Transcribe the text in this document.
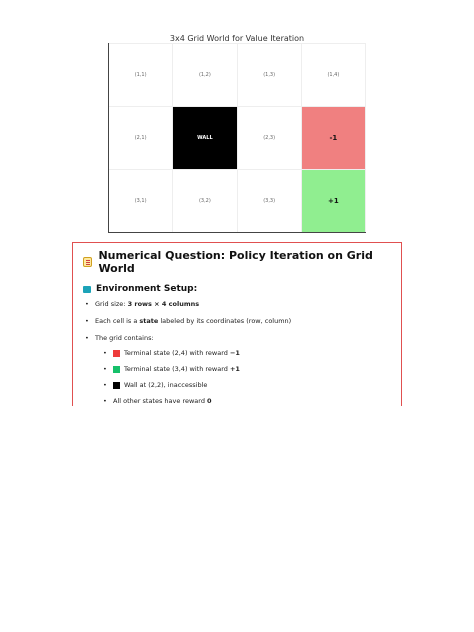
3x4 Grid World for Value Iteration
(1,1)	(1,2)	(1,3)	(1,4)
(2,1)	WALL	(2,3)	-1
(3,1)	(3,2)	(3,3)	+1
Numerical Question: Policy Iteration on Grid World
Environment Setup:
• Grid size: 3 rows × 4 columns
• Each cell is a state labeled by its coordinates (row, column)
• The grid contains:
• Terminal state (2,4) with reward −1
• Terminal state (3,4) with reward +1
• Wall at (2,2), inaccessible
• All other states have reward 0
